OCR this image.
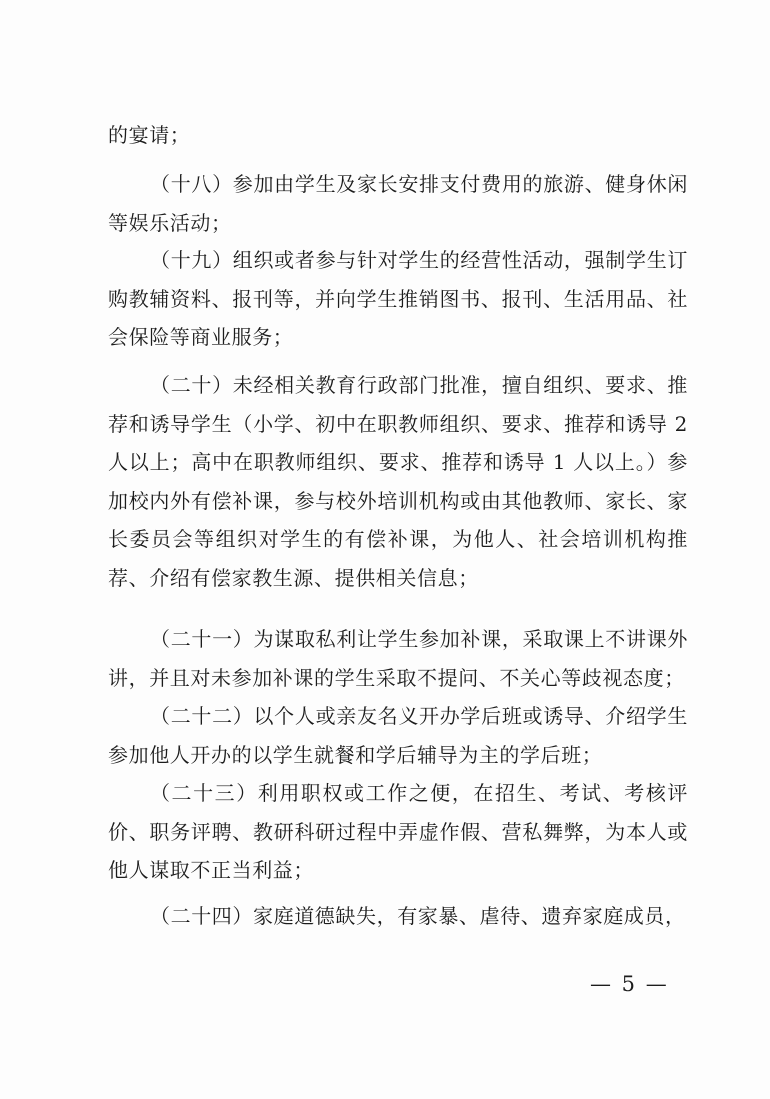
的宴请；

（十八）参加由学生及家长安排支付费用的旅游、健身休闲等娱乐活动；

（十九）组织或者参与针对学生的经营性活动，强制学生订购教辅资料、报刊等，并向学生推销图书、报刊、生活用品、社会保险等商业服务；

（二十）未经相关教育行政部门批准，擅自组织、要求、推荐和诱导学生（小学、初中在职教师组织、要求、推荐和诱导 2 人以上；高中在职教师组织、要求、推荐和诱导 1 人以上。）参加校内外有偿补课，参与校外培训机构或由其他教师、家长、家长委员会等组织对学生的有偿补课，为他人、社会培训机构推荐、介绍有偿家教生源、提供相关信息；

（二十一）为谋取私利让学生参加补课，采取课上不讲课外讲，并且对未参加补课的学生采取不提问、不关心等歧视态度；

（二十二）以个人或亲友名义开办学后班或诱导、介绍学生参加他人开办的以学生就餐和学后辅导为主的学后班；

（二十三）利用职权或工作之便，在招生、考试、考核评价、职务评聘、教研科研过程中弄虚作假、营私舞弊，为本人或他人谋取不正当利益；

（二十四）家庭道德缺失，有家暴、虐待、遗弃家庭成员，

— 5 —
